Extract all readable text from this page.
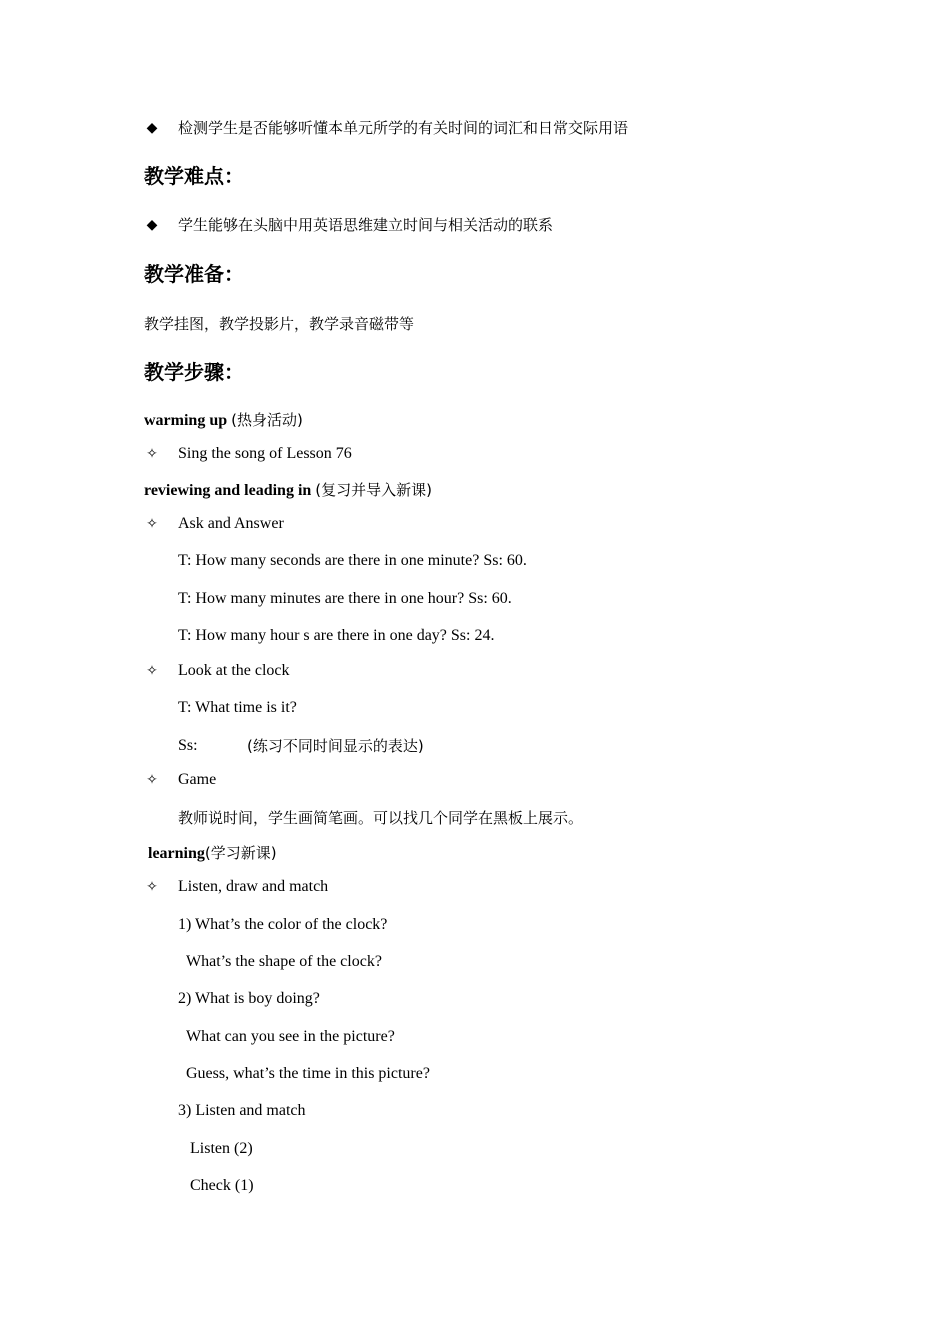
◆ 检测学生是否能够听懂本单元所学的有关时间的词汇和日常交际用语
教学难点：
◆ 学生能够在头脑中用英语思维建立时间与相关活动的联系
教学准备：
教学挂图，教学投影片，教学录音磁带等
教学步骤：
warming up (热身活动)
✧ Sing the song of Lesson 76
reviewing and leading in (复习并导入新课)
✧ Ask and Answer
T: How many seconds are there in one minute? Ss: 60.
T: How many minutes are there in one hour? Ss: 60.
T: How many hour s are there in one day? Ss: 24.
✧ Look at the clock
T: What time is it?
Ss:	(练习不同时间显示的表达)
✧ Game
教师说时间，学生画简笔画。可以找几个同学在黑板上展示。
learning(学习新课)
✧ Listen, draw and match
1) What’s the color of the clock?
What’s the shape of the clock?
2) What is boy doing?
What can you see in the picture?
Guess, what’s the time in this picture?
3) Listen and match
Listen (2)
Check (1)
